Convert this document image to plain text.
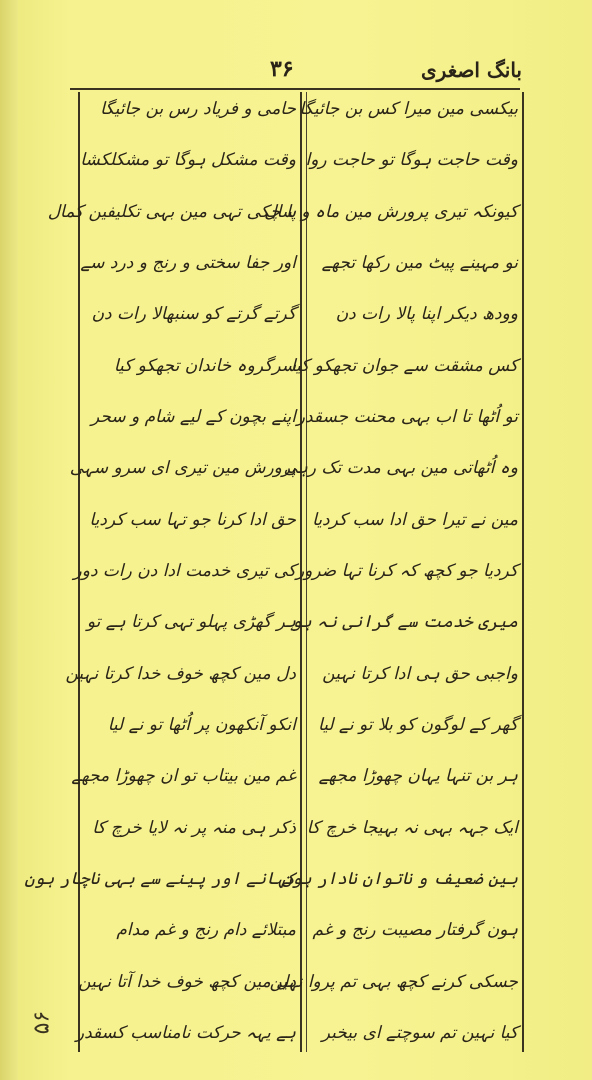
بانگ اصغری
۳۶
بیکسی مین میرا کس بن جائیگا
وقت حاجت ہوگا تو حاجت روا
کیونکہ تیری پرورش مین ماہ و سال
نو مہینے پیٹ مین رکھا تجھے
وودھ دیکر اپنا پالا رات دن
کس مشقت سے جوان تجھکو کیا
تو اُٹھا تا اب بہی محنت جسقدر
وہ اُٹھاتی مین بہی مدت تک رہی
مین نے تیرا حق ادا سب کردیا
کردیا جو کچھ کہ کرنا تہا ضرور
میری خدمت سے گرانی نہ ہو
واجبی حق ہی ادا کرتا نہین
گھر کے لوگون کو بلا تو نے لیا
ہر بن تنہا یہان چھوڑا مجھے
ایک جہہ بہی نہ بہیجا خرچ کا
بین ضعیف و ناتوان نادار ہون
ہون گرفتار مصیبت رنج و غم
جسکی کرنے کچھ بہی تم پروا نہین
کیا نہین تم سوچتے ای بیخبر
حامی و فریاد رس بن جائیگا
وقت مشکل ہوگا تو مشکلکشا
پا چکی تہی مین بہی تکلیفین کمال
اور جفا سختی و رنج و درد سے
گرتے گرتے کو سنبھالا رات دن
سرگروہ خاندان تجھکو کیا
اپنے بچون کے لیے شام و سحر
پرورش مین تیری ای سرو سہی
حق ادا کرنا جو تہا سب کردیا
کی تیری خدمت ادا دن رات دور
ہر گھڑی پہلو تہی کرتا ہے تو
دل مین کچھ خوف خدا کرتا نہین
انکو آنکھون پر اُٹھا تو نے لیا
غم مین بیتاب تو ان چھوڑا مجھے
ذکر ہی منہ پر نہ لایا خرچ کا
کہانے اور پینے سے بہی ناچار ہون
مبتلائے دام رنج و غم مدام
دل مین کچھ خوف خدا آتا نہین
ہے یہہ حرکت نامناسب کسقدر
۵۶
